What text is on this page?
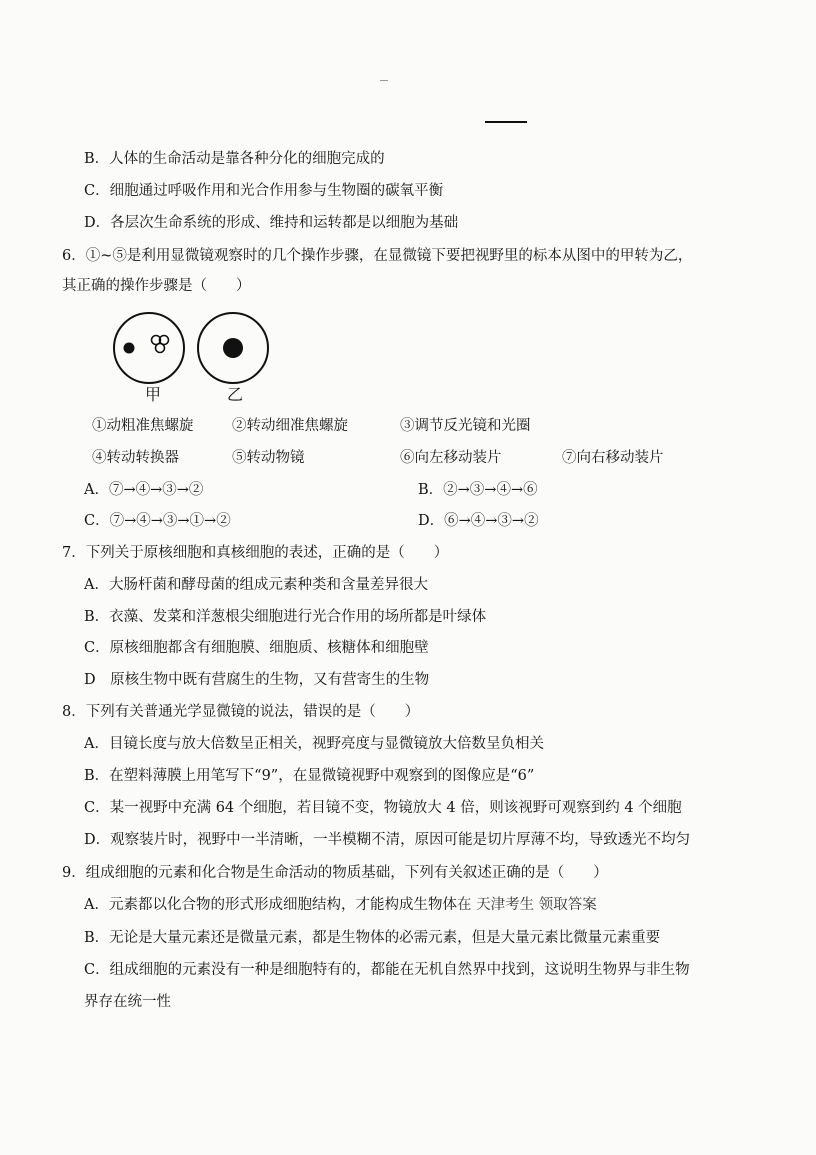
B．人体的生命活动是靠各种分化的细胞完成的
C．细胞通过呼吸作用和光合作用参与生物圈的碳氧平衡
D．各层次生命系统的形成、维持和运转都是以细胞为基础
6．①~⑤是利用显微镜观察时的几个操作步骤，在显微镜下要把视野里的标本从图中的甲转为乙，
其正确的操作步骤是（　　）
甲	乙
①动粗准焦螺旋	②转动细准焦螺旋	③调节反光镜和光圈
④转动转换器	⑤转动物镜	⑥向左移动装片	⑦向右移动装片
A．⑦→④→③→②	B．②→③→④→⑥
C．⑦→④→③→①→②	D．⑥→④→③→②
7．下列关于原核细胞和真核细胞的表述，正确的是（　　）
A．大肠杆菌和酵母菌的组成元素种类和含量差异很大
B．衣藻、发菜和洋葱根尖细胞进行光合作用的场所都是叶绿体
C．原核细胞都含有细胞膜、细胞质、核糖体和细胞壁
D　原核生物中既有营腐生的生物，又有营寄生的生物
8．下列有关普通光学显微镜的说法，错误的是（　　）
A．目镜长度与放大倍数呈正相关，视野亮度与显微镜放大倍数呈负相关
B．在塑料薄膜上用笔写下“9”，在显微镜视野中观察到的图像应是“6”
C．某一视野中充满 64 个细胞，若目镜不变，物镜放大 4 倍，则该视野可观察到约 4 个细胞
D．观察装片时，视野中一半清晰，一半模糊不清，原因可能是切片厚薄不均，导致透光不均匀
9．组成细胞的元素和化合物是生命活动的物质基础，下列有关叙述正确的是（　　）
A．元素都以化合物的形式形成细胞结构，才能构成生物体在 天津考生 领取答案
B．无论是大量元素还是微量元素，都是生物体的必需元素，但是大量元素比微量元素重要
C．组成细胞的元素没有一种是细胞特有的，都能在无机自然界中找到，这说明生物界与非生物
界存在统一性
